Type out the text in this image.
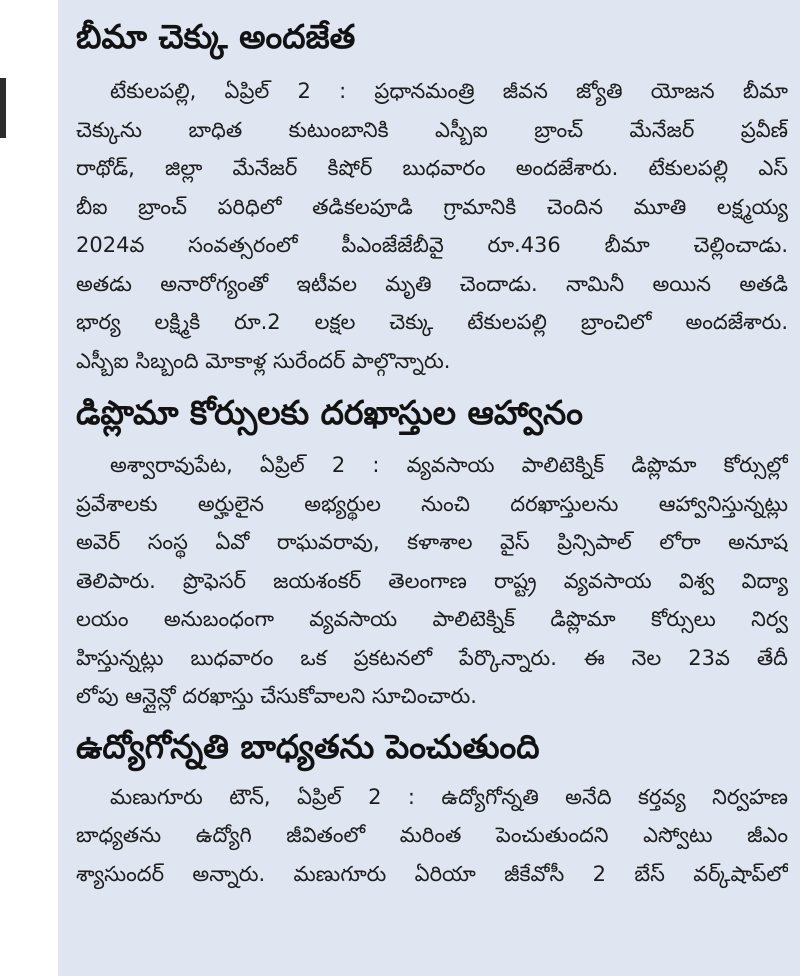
బీమా చెక్కు అందజేత
టేకులపల్లి, ఏప్రిల్ 2 : ప్రధానమంత్రి జీవన జ్యోతి యోజన బీమా
చెక్కును బాధిత కుటుంబానికి ఎస్బీఐ బ్రాంచ్ మేనేజర్ ప్రవీణ్
రాథోడ్, జిల్లా మేనేజర్ కిషోర్ బుధవారం అందజేశారు. టేకులపల్లి ఎస్
బీఐ బ్రాంచ్ పరిధిలో తడికలపూడి గ్రామానికి చెందిన మూతి లక్ష్మయ్య
2024వ సంవత్సరంలో పీఎంజేజేబీవై రూ.436 బీమా చెల్లించాడు.
అతడు అనారోగ్యంతో ఇటీవల మృతి చెందాడు. నామినీ అయిన అతడి
భార్య లక్ష్మికి రూ.2 లక్షల చెక్కు టేకులపల్లి బ్రాంచిలో అందజేశారు.
ఎస్బీఐ సిబ్బంది మోకాళ్ల సురేందర్ పాల్గొన్నారు.
డిప్లొమా కోర్సులకు దరఖాస్తుల ఆహ్వానం
అశ్వారావుపేట, ఏప్రిల్ 2 : వ్యవసాయ పాలిటెక్నిక్ డిప్లొమా కోర్సుల్లో
ప్రవేశాలకు అర్హులైన అభ్యర్థుల నుంచి దరఖాస్తులను ఆహ్వానిస్తున్నట్లు
అవెర్ సంస్థ ఏవో రాఘవరావు, కళాశాల వైస్ ప్రిన్సిపాల్ లోరా అనూష
తెలిపారు. ప్రొఫెసర్ జయశంకర్ తెలంగాణ రాష్ట్ర వ్యవసాయ విశ్వ విద్యా
లయం అనుబంధంగా వ్యవసాయ పాలిటెక్నిక్ డిప్లొమా కోర్సులు నిర్వ
హిస్తున్నట్లు బుధవారం ఒక ప్రకటనలో పేర్కొన్నారు. ఈ నెల 23వ తేదీ
లోపు ఆన్లైన్లో దరఖాస్తు చేసుకోవాలని సూచించారు.
ఉద్యోగోన్నతి బాధ్యతను పెంచుతుంది
మణుగూరు టౌన్, ఏప్రిల్ 2 : ఉద్యోగోన్నతి అనేది కర్తవ్య నిర్వహణ
బాధ్యతను ఉద్యోగి జీవితంలో మరింత పెంచుతుందని ఎస్వోటు జీఎం
శ్యాసుందర్ అన్నారు. మణుగూరు ఏరియా జీకేవోసీ 2 బేస్ వర్క్‌షాప్‌లో
